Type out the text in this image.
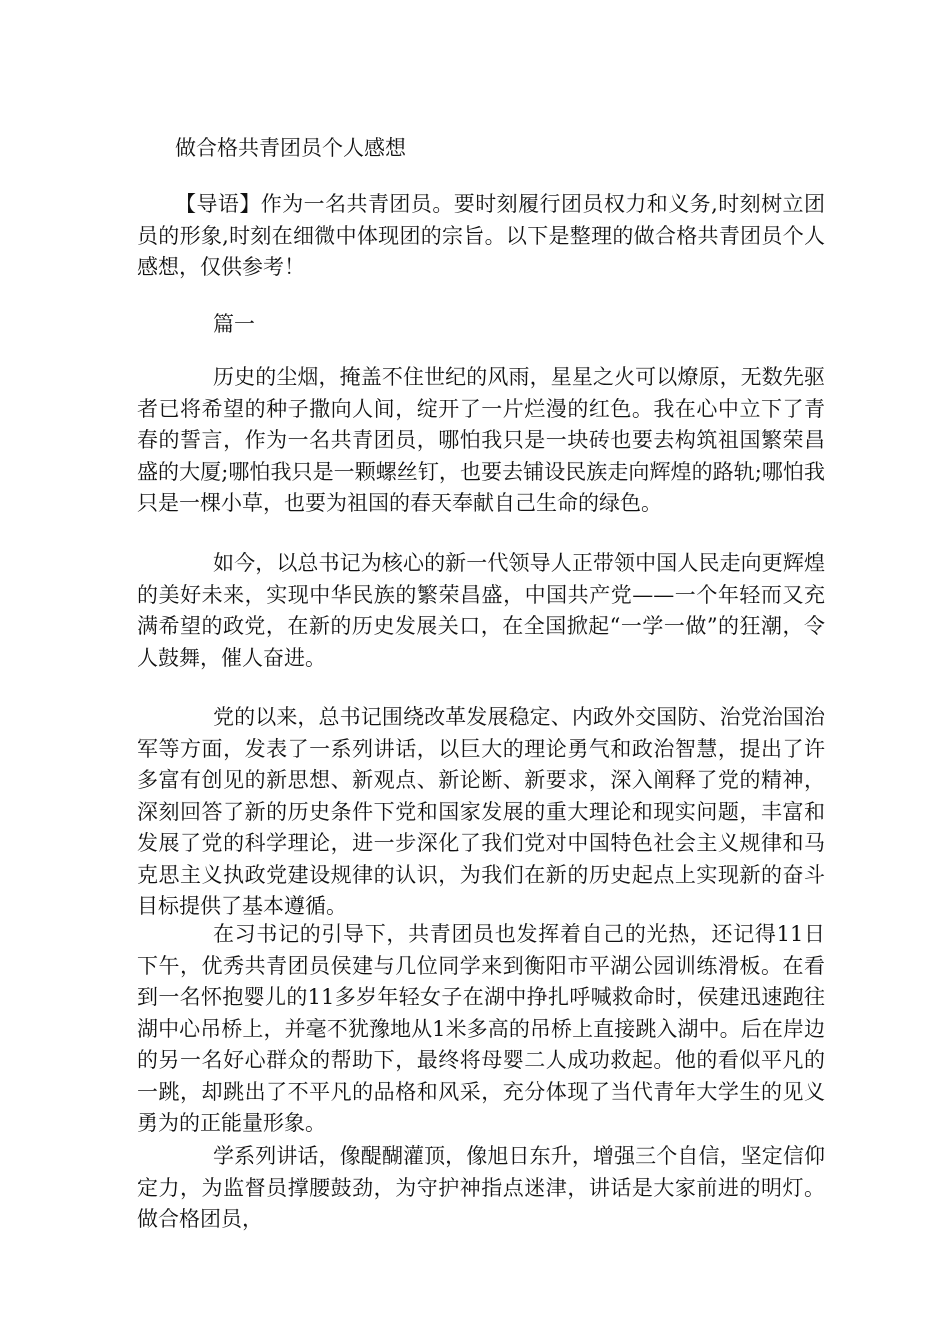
做合格共青团员个人感想

【导语】作为一名共青团员。要时刻履行团员权力和义务,时刻树立团员的形象,时刻在细微中体现团的宗旨。以下是整理的做合格共青团员个人感想，仅供参考！

篇一

历史的尘烟，掩盖不住世纪的风雨，星星之火可以燎原，无数先驱者已将希望的种子撒向人间，绽开了一片烂漫的红色。我在心中立下了青春的誓言，作为一名共青团员，哪怕我只是一块砖也要去构筑祖国繁荣昌盛的大厦;哪怕我只是一颗螺丝钉，也要去铺设民族走向辉煌的路轨;哪怕我只是一棵小草，也要为祖国的春天奉献自己生命的绿色。

如今，以总书记为核心的新一代领导人正带领中国人民走向更辉煌的美好未来，实现中华民族的繁荣昌盛，中国共产党——一个年轻而又充满希望的政党，在新的历史发展关口，在全国掀起“一学一做”的狂潮，令人鼓舞，催人奋进。

党的以来，总书记围绕改革发展稳定、内政外交国防、治党治国治军等方面，发表了一系列讲话，以巨大的理论勇气和政治智慧，提出了许多富有创见的新思想、新观点、新论断、新要求，深入阐释了党的精神，深刻回答了新的历史条件下党和国家发展的重大理论和现实问题，丰富和发展了党的科学理论，进一步深化了我们党对中国特色社会主义规律和马克思主义执政党建设规律的认识，为我们在新的历史起点上实现新的奋斗目标提供了基本遵循。

在习书记的引导下，共青团员也发挥着自己的光热，还记得11日下午，优秀共青团员侯建与几位同学来到衡阳市平湖公园训练滑板。在看到一名怀抱婴儿的11多岁年轻女子在湖中挣扎呼喊救命时，侯建迅速跑往湖中心吊桥上，并毫不犹豫地从1米多高的吊桥上直接跳入湖中。后在岸边的另一名好心群众的帮助下，最终将母婴二人成功救起。他的看似平凡的一跳，却跳出了不平凡的品格和风采，充分体现了当代青年大学生的见义勇为的正能量形象。

学系列讲话，像醍醐灌顶，像旭日东升，增强三个自信，坚定信仰定力，为监督员撑腰鼓劲，为守护神指点迷津，讲话是大家前进的明灯。做合格团员，
